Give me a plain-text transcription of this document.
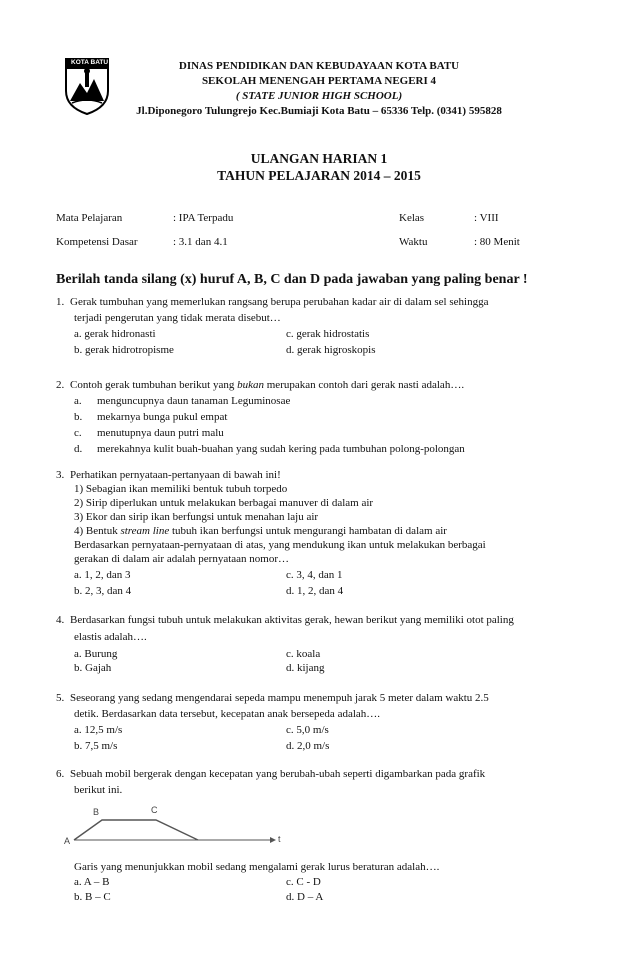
KOTA BATU	DINAS PENDIDIKAN DAN KEBUDAYAAN KOTA BATU
SEKOLAH MENENGAH PERTAMA NEGERI 4
( STATE JUNIOR HIGH SCHOOL)
Jl.Diponegoro Tulungrejo Kec.Bumiaji Kota Batu – 65336 Telp. (0341) 595828
ULANGAN HARIAN 1
TAHUN PELAJARAN 2014 – 2015
Mata Pelajaran	: IPA Terpadu	Kelas	: VIII
Kompetensi Dasar	: 3.1 dan 4.1	Waktu	: 80 Menit
Berilah tanda silang (x) huruf A, B, C dan D pada jawaban yang paling benar !
1. Gerak tumbuhan yang memerlukan rangsang berupa perubahan kadar air di dalam sel sehingga
terjadi pengerutan yang tidak merata disebut…
a. gerak hidronasti	c. gerak hidrostatis
b. gerak hidrotropisme	d. gerak higroskopis
2. Contoh gerak tumbuhan berikut yang bukan merupakan contoh dari gerak nasti adalah….
a. menguncupnya daun tanaman Leguminosae
b. mekarnya bunga pukul empat
c. menutupnya daun putri malu
d. merekahnya kulit buah-buahan yang sudah kering pada tumbuhan polong-polongan
3. Perhatikan pernyataan-pertanyaan di bawah ini!
1) Sebagian ikan memiliki bentuk tubuh torpedo
2) Sirip diperlukan untuk melakukan berbagai manuver di dalam air
3) Ekor dan sirip ikan berfungsi untuk menahan laju air
4) Bentuk stream line tubuh ikan berfungsi untuk mengurangi hambatan di dalam air
Berdasarkan pernyataan-pernyataan di atas, yang mendukung ikan untuk melakukan berbagai
gerakan di dalam air adalah pernyataan nomor…
a. 1, 2, dan 3	c. 3, 4, dan 1
b. 2, 3, dan 4	d. 1, 2, dan 4
4. Berdasarkan fungsi tubuh untuk melakukan aktivitas gerak, hewan berikut yang memiliki otot paling
elastis adalah….
a. Burung	c. koala
b. Gajah	d. kijang
5. Seseorang yang sedang mengendarai sepeda mampu menempuh jarak 5 meter dalam waktu 2.5
detik. Berdasarkan data tersebut, kecepatan anak bersepeda adalah….
a. 12,5 m/s	c. 5,0 m/s
b. 7,5 m/s	d. 2,0 m/s
6. Sebuah mobil bergerak dengan kecepatan yang berubah-ubah seperti digambarkan pada grafik
berikut ini.
A
B	C
t
Garis yang menunjukkan mobil sedang mengalami gerak lurus beraturan adalah….
a. A – B	c. C - D
b. B – C	d. D – A
